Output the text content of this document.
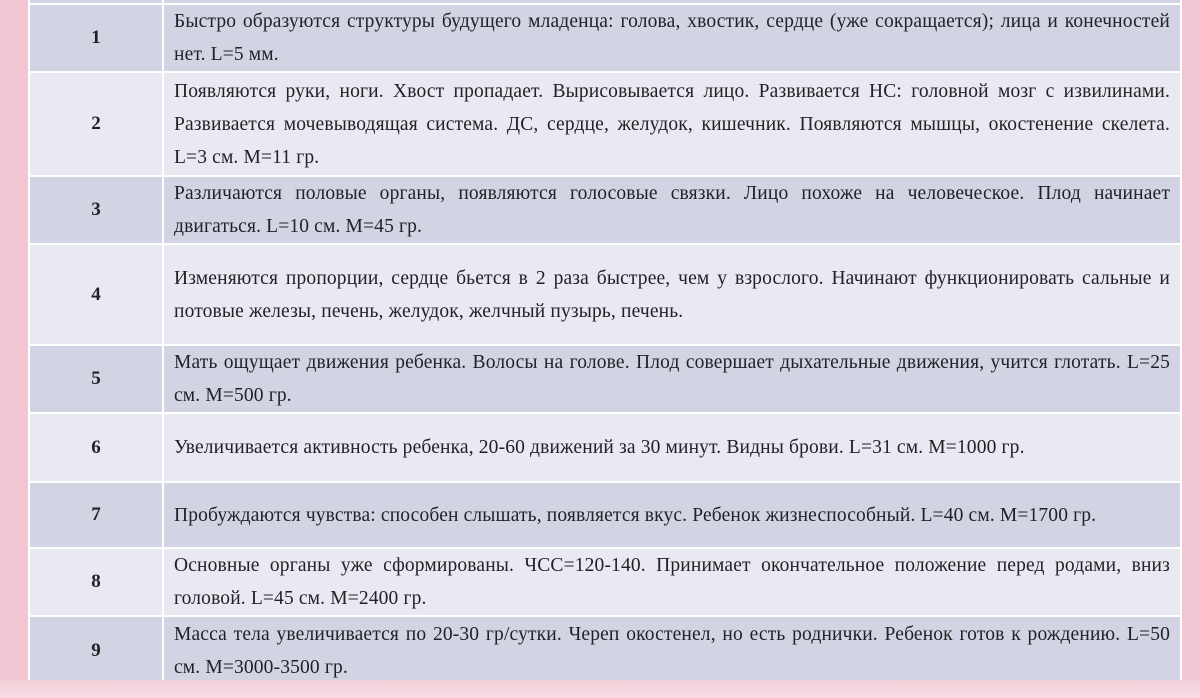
1	Быстро образуются структуры будущего младенца: голова, хвостик, сердце (уже сокращается); лица и конечностей нет. L=5 мм.
2	Появляются руки, ноги. Хвост пропадает. Вырисовывается лицо. Развивается НС: головной мозг с извилинами. Развивается мочевыводящая система. ДС, сердце, желудок, кишечник. Появляются мышцы, окостенение скелета. L=3 см. M=11 гр.
3	Различаются половые органы, появляются голосовые связки. Лицо похоже на человеческое. Плод начинает двигаться. L=10 см. M=45 гр.
4	Изменяются пропорции, сердце бьется в 2 раза быстрее, чем у взрослого. Начинают функционировать сальные и потовые железы, печень, желудок, желчный пузырь, печень.
5	Мать ощущает движения ребенка. Волосы на голове. Плод совершает дыхательные движения, учится глотать. L=25 см. M=500 гр.
6	Увеличивается активность ребенка, 20-60 движений за 30 минут. Видны брови. L=31 см. M=1000 гр.
7	Пробуждаются чувства: способен слышать, появляется вкус. Ребенок жизнеспособный. L=40 см. M=1700 гр.
8	Основные органы уже сформированы. ЧСС=120-140. Принимает окончательное положение перед родами, вниз головой. L=45 см. M=2400 гр.
9	Масса тела увеличивается по 20-30 гр/сутки. Череп окостенел, но есть роднички. Ребенок готов к рождению. L=50 см. M=3000-3500 гр.
